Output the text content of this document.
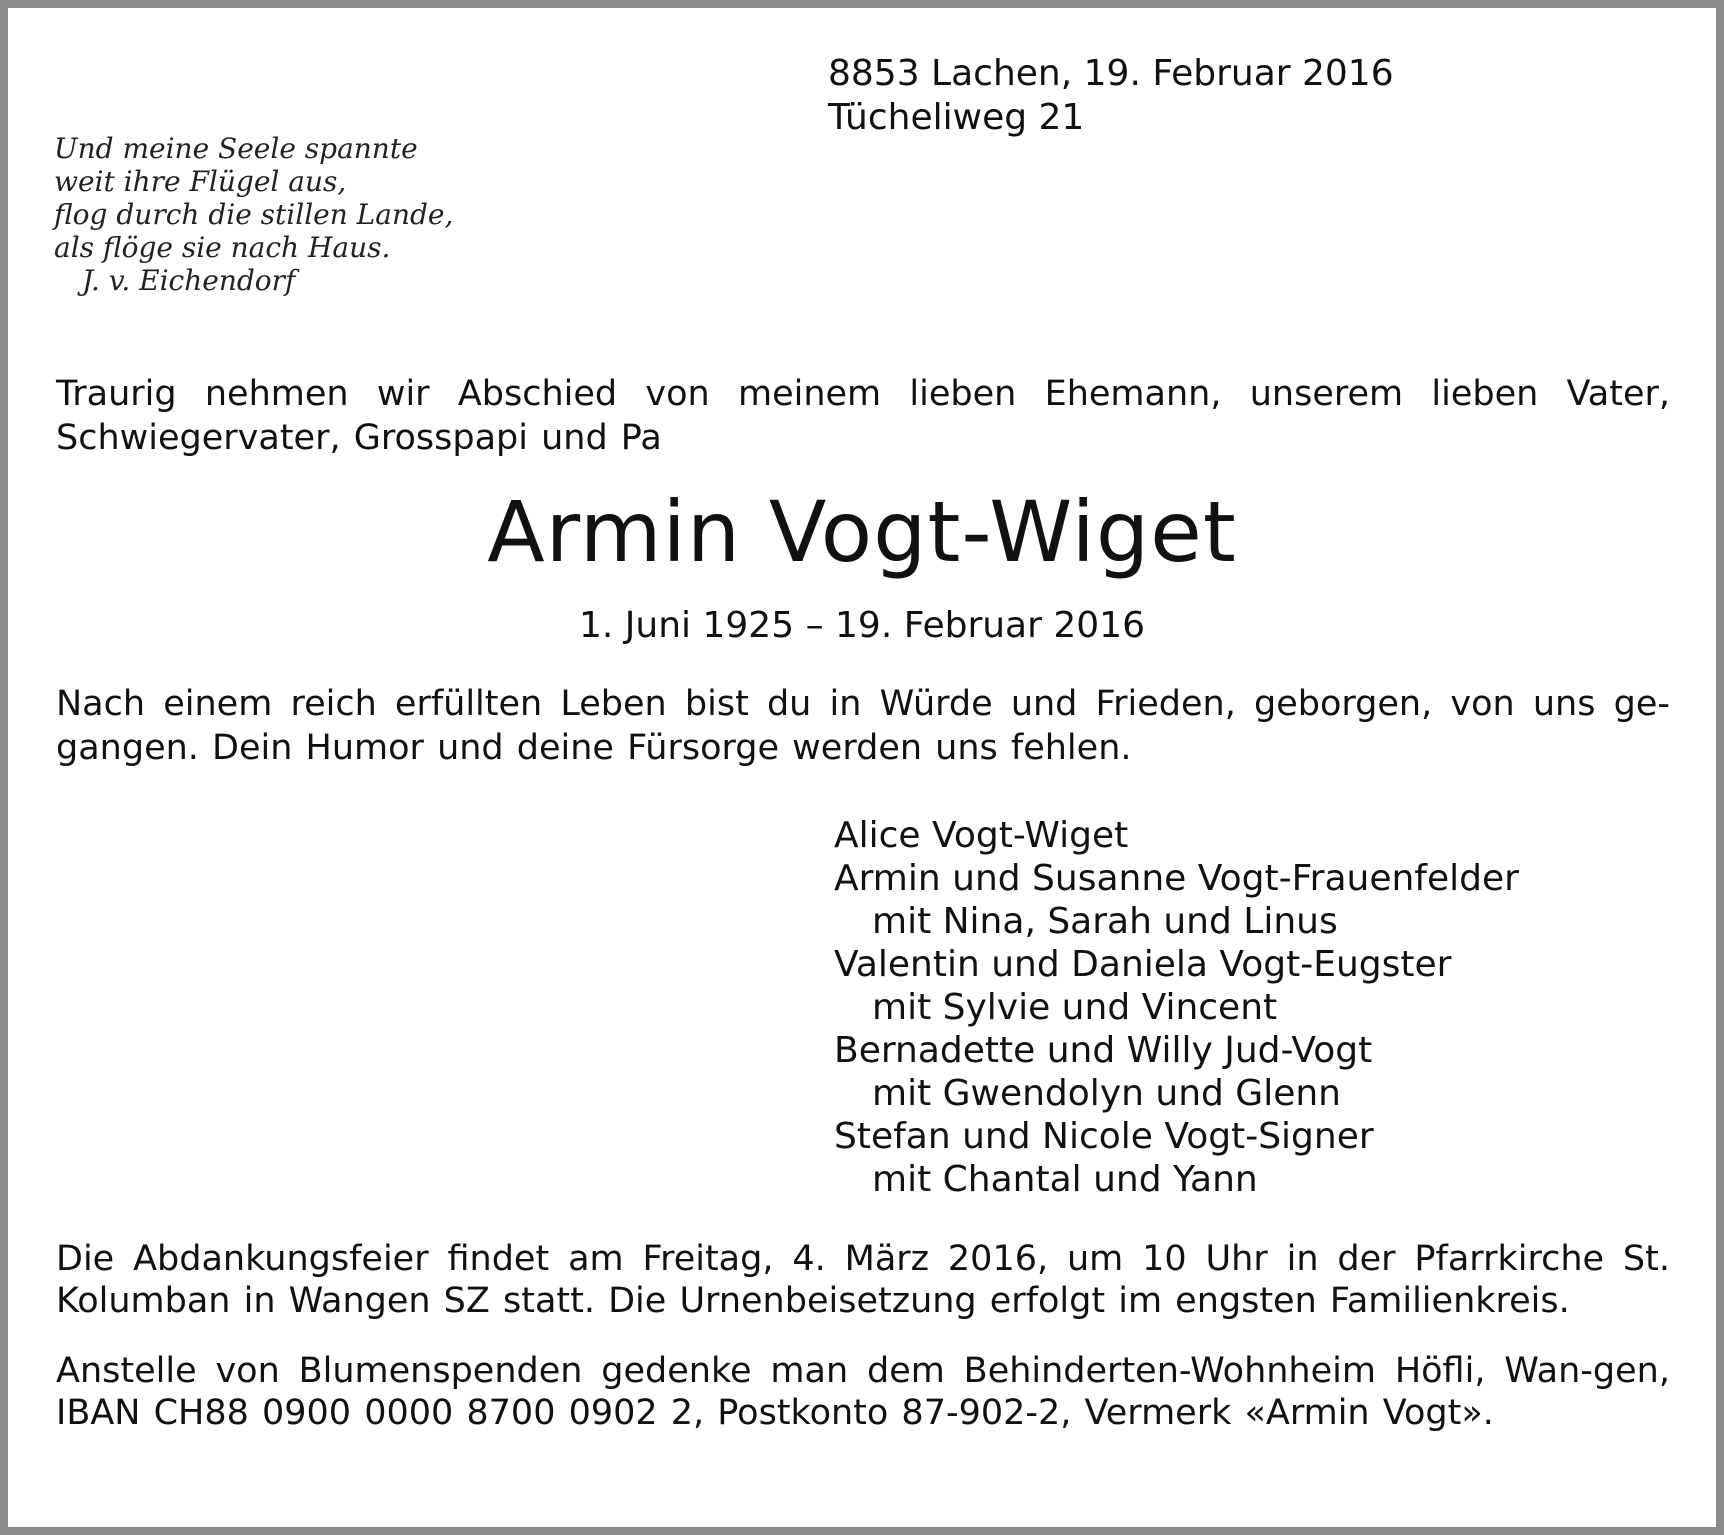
8853 Lachen, 19. Februar 2016
Tücheliweg 21
Und meine Seele spannte
weit ihre Flügel aus,
flog durch die stillen Lande,
als flöge sie nach Haus.
J. v. Eichendorf

Traurig nehmen wir Abschied von meinem lieben Ehemann, unserem lieben Vater, Schwiegervater, Grosspapi und Pa

Armin Vogt-Wiget
1. Juni 1925 – 19. Februar 2016

Nach einem reich erfüllten Leben bist du in Würde und Frieden, geborgen, von uns ge-gangen. Dein Humor und deine Fürsorge werden uns fehlen.

Alice Vogt-Wiget
Armin und Susanne Vogt-Frauenfelder
mit Nina, Sarah und Linus
Valentin und Daniela Vogt-Eugster
mit Sylvie und Vincent
Bernadette und Willy Jud-Vogt
mit Gwendolyn und Glenn
Stefan und Nicole Vogt-Signer
mit Chantal und Yann

Die Abdankungsfeier findet am Freitag, 4. März 2016, um 10 Uhr in der Pfarrkirche St. Kolumban in Wangen SZ statt. Die Urnenbeisetzung erfolgt im engsten Familienkreis.

Anstelle von Blumenspenden gedenke man dem Behinderten-Wohnheim Höfli, Wan-gen, IBAN CH88 0900 0000 8700 0902 2, Postkonto 87-902-2, Vermerk «Armin Vogt».
